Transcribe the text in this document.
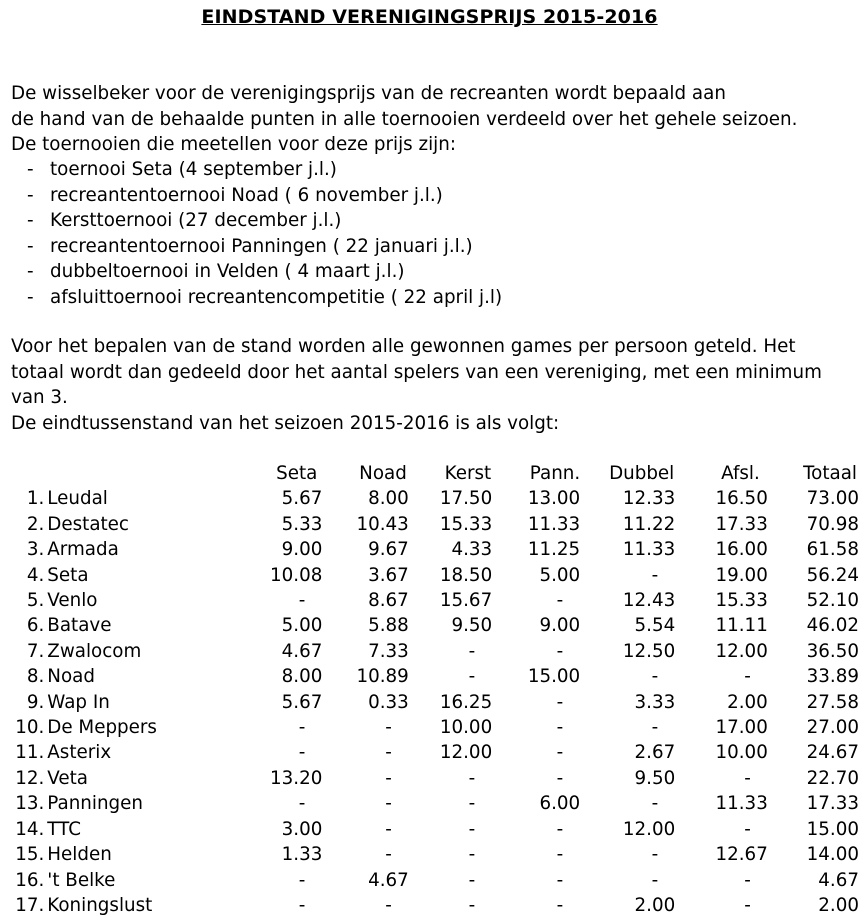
EINDSTAND VERENIGINGSPRIJS 2015-2016
De wisselbeker voor de verenigingsprijs van de recreanten wordt bepaald aan
de hand van de behaalde punten in alle toernooien verdeeld over het gehele seizoen.
De toernooien die meetellen voor deze prijs zijn:
- toernooi Seta (4 september j.l.)
- recreantentoernooi Noad ( 6 november j.l.)
- Kersttoernooi (27 december j.l.)
- recreantentoernooi Panningen ( 22 januari j.l.)
- dubbeltoernooi in Velden ( 4 maart j.l.)
- afsluittoernooi recreantencompetitie ( 22 april j.l)
Voor het bepalen van de stand worden alle gewonnen games per persoon geteld. Het
totaal wordt dan gedeeld door het aantal spelers van een vereniging, met een minimum
van 3.
De eindtussenstand van het seizoen 2015-2016 is als volgt:
		Seta	Noad	Kerst	Pann.	Dubbel	Afsl.	Totaal
1.	Leudal	5.67	8.00	17.50	13.00	12.33	16.50	73.00
2.	Destatec	5.33	10.43	15.33	11.33	11.22	17.33	70.98
3.	Armada	9.00	9.67	4.33	11.25	11.33	16.00	61.58
4.	Seta	10.08	3.67	18.50	5.00	-	19.00	56.24
5.	Venlo	-	8.67	15.67	-	12.43	15.33	52.10
6.	Batave	5.00	5.88	9.50	9.00	5.54	11.11	46.02
7.	Zwalocom	4.67	7.33	-	-	12.50	12.00	36.50
8.	Noad	8.00	10.89	-	15.00	-	-	33.89
9.	Wap In	5.67	0.33	16.25	-	3.33	2.00	27.58
10.	De Meppers	-	-	10.00	-	-	17.00	27.00
11.	Asterix	-	-	12.00	-	2.67	10.00	24.67
12.	Veta	13.20	-	-	-	9.50	-	22.70
13.	Panningen	-	-	-	6.00	-	11.33	17.33
14.	TTC	3.00	-	-	-	12.00	-	15.00
15.	Helden	1.33	-	-	-	-	12.67	14.00
16.	't Belke	-	4.67	-	-	-	-	4.67
17.	Koningslust	-	-	-	-	2.00	-	2.00
